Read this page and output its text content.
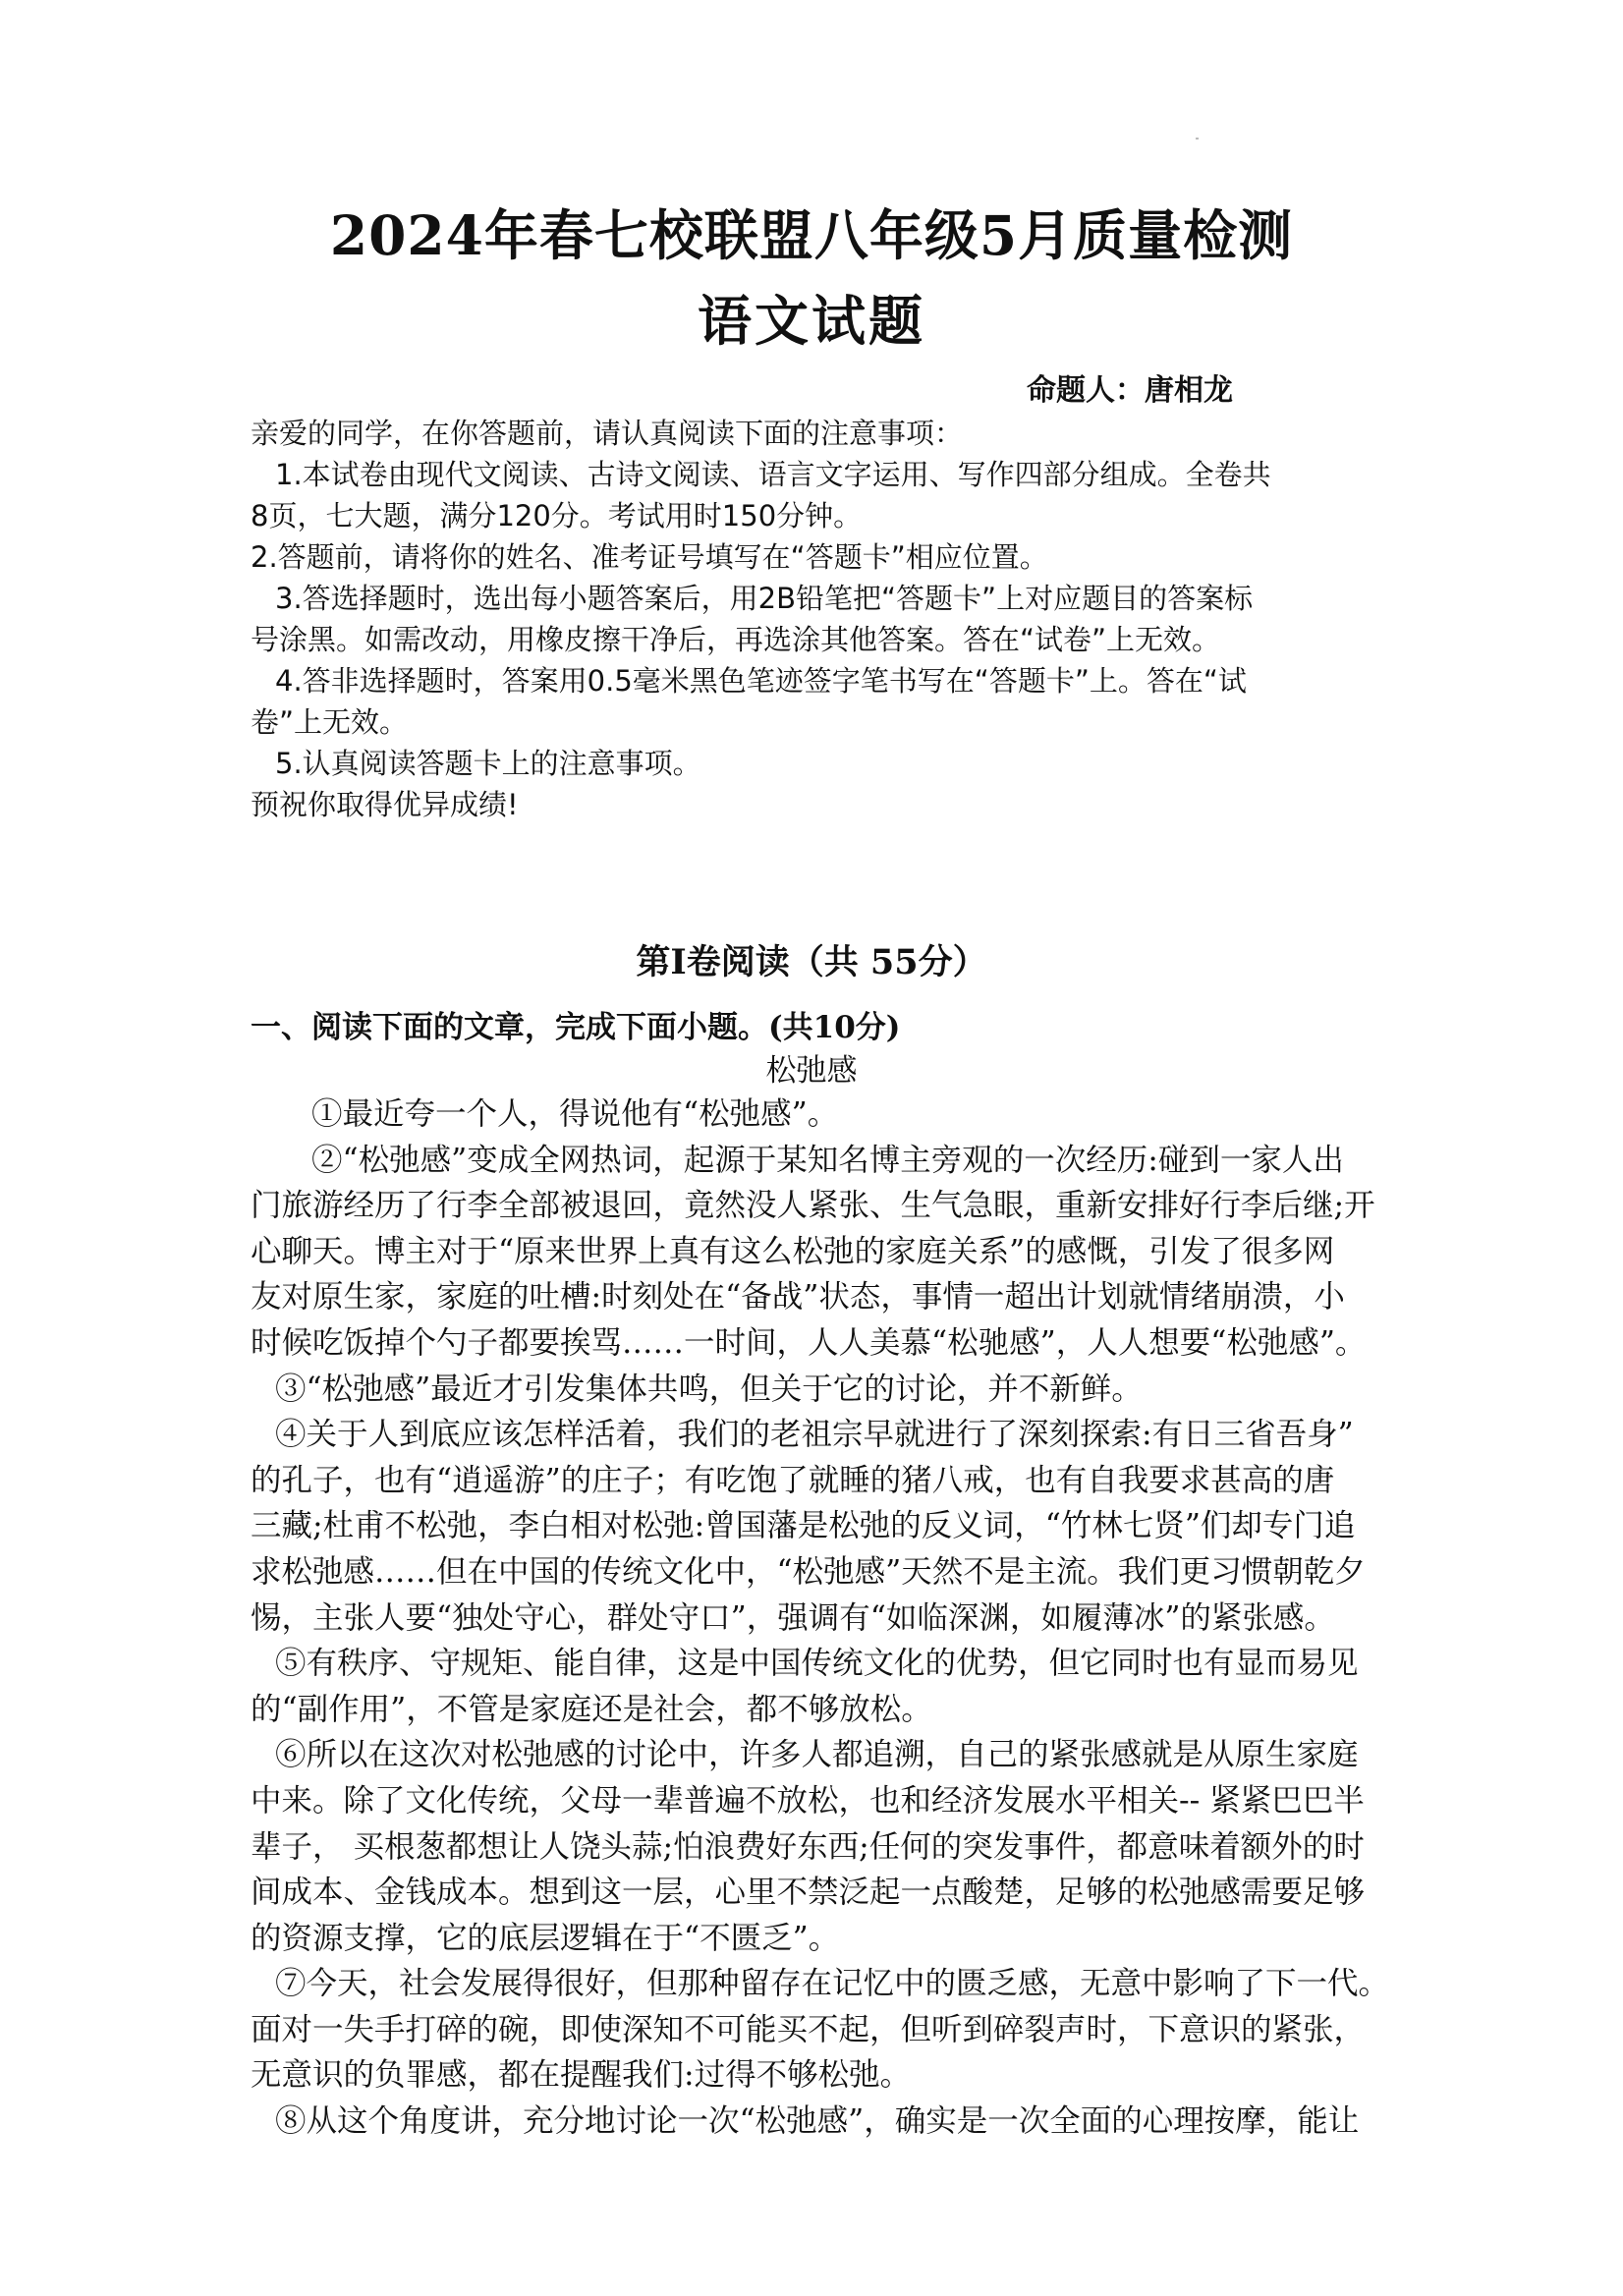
2024年春七校联盟八年级5月质量检测
语文试题
命题人：唐相龙
亲爱的同学，在你答题前，请认真阅读下面的注意事项：
1.本试卷由现代文阅读、古诗文阅读、语言文字运用、写作四部分组成。全卷共
8页，七大题，满分120分。考试用时150分钟。
2.答题前，请将你的姓名、准考证号填写在“答题卡”相应位置。
3.答选择题时，选出每小题答案后，用2B铅笔把“答题卡”上对应题目的答案标
号涂黑。如需改动，用橡皮擦干净后，再选涂其他答案。答在“试卷”上无效。
4.答非选择题时，答案用0.5毫米黑色笔迹签字笔书写在“答题卡”上。答在“试
卷”上无效。
5.认真阅读答题卡上的注意事项。
预祝你取得优异成绩!
第Ⅰ卷阅读（共 55分）
一、阅读下面的文章，完成下面小题。(共10分)
松弛感
①最近夸一个人，得说他有“松弛感”。
②“松弛感”变成全网热词，起源于某知名博主旁观的一次经历:碰到一家人出
门旅游经历了行李全部被退回，竟然没人紧张、生气急眼，重新安排好行李后继;开
心聊天。博主对于“原来世界上真有这么松弛的家庭关系”的感慨，引发了很多网
友对原生家，家庭的吐槽:时刻处在“备战”状态，事情一超出计划就情绪崩溃，小
时候吃饭掉个勺子都要挨骂……一时间，人人美慕“松驰感”，人人想要“松弛感”。
③“松弛感”最近才引发集体共鸣，但关于它的讨论，并不新鲜。
④关于人到底应该怎样活着，我们的老祖宗早就进行了深刻探索:有日三省吾身”
的孔子，也有“逍遥游”的庄子；有吃饱了就睡的猪八戒，也有自我要求甚高的唐
三藏;杜甫不松弛，李白相对松弛:曾国藩是松弛的反义词，“竹林七贤”们却专门追
求松弛感……但在中国的传统文化中，“松弛感”天然不是主流。我们更习惯朝乾夕
惕，主张人要“独处守心，群处守口”，强调有“如临深渊，如履薄冰”的紧张感。
⑤有秩序、守规矩、能自律，这是中国传统文化的优势，但它同时也有显而易见
的“副作用”，不管是家庭还是社会，都不够放松。
⑥所以在这次对松弛感的讨论中，许多人都追溯，自己的紧张感就是从原生家庭
中来。除了文化传统，父母一辈普遍不放松，也和经济发展水平相关-- 紧紧巴巴半
辈子， 买根葱都想让人饶头蒜;怕浪费好东西;任何的突发事件，都意味着额外的时
间成本、金钱成本。想到这一层，心里不禁泛起一点酸楚，足够的松弛感需要足够
的资源支撑，它的底层逻辑在于“不匮乏”。
⑦今天，社会发展得很好，但那种留存在记忆中的匮乏感，无意中影响了下一代。
面对一失手打碎的碗，即使深知不可能买不起，但听到碎裂声时，下意识的紧张，
无意识的负罪感，都在提醒我们:过得不够松弛。
⑧从这个角度讲，充分地讨论一次“松弛感”，确实是一次全面的心理按摩，能让
